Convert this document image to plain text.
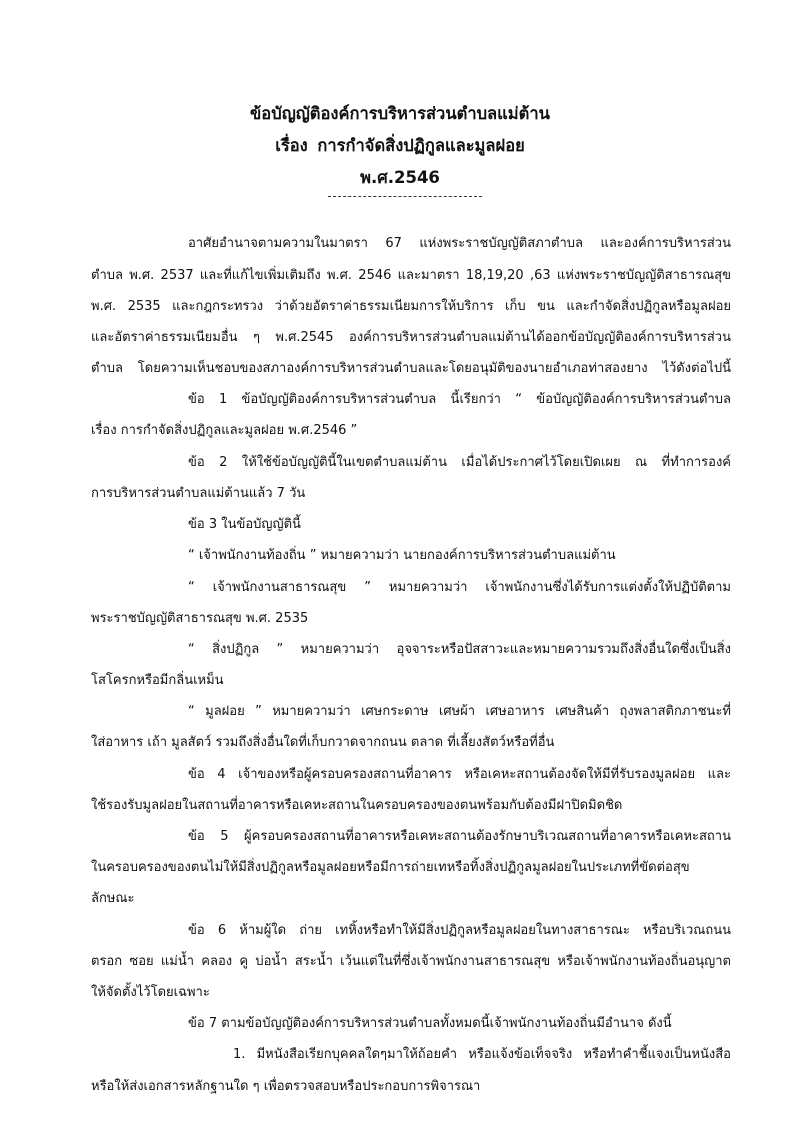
ข้อบัญญัติองค์การบริหารส่วนตำบลแม่ต้าน
เรื่อง การกำจัดสิ่งปฏิกูลและมูลฝอย
พ.ศ.2546
อาศัยอำนาจตามความในมาตรา 67 แห่งพระราชบัญญัติสภาตำบล และองค์การบริหารส่วน
ตำบล พ.ศ. 2537 และที่แก้ไขเพิ่มเติมถึง พ.ศ. 2546 และมาตรา 18,19,20 ,63 แห่งพระราชบัญญัติสาธารณสุข
พ.ศ. 2535 และกฎกระทรวง ว่าด้วยอัตราค่าธรรมเนียมการให้บริการ เก็บ ขน และกำจัดสิ่งปฏิกูลหรือมูลฝอย
และอัตราค่าธรรมเนียมอื่น ๆ พ.ศ.2545 องค์การบริหารส่วนตำบลแม่ต้านได้ออกข้อบัญญัติองค์การบริหารส่วน
ตำบล โดยความเห็นชอบของสภาองค์การบริหารส่วนตำบลและโดยอนุมัติของนายอำเภอท่าสองยาง ไว้ดังต่อไปนี้
ข้อ 1 ข้อบัญญัติองค์การบริหารส่วนตำบล นี้เรียกว่า “ ข้อบัญญัติองค์การบริหารส่วนตำบล
เรื่อง การกำจัดสิ่งปฏิกูลและมูลฝอย พ.ศ.2546 ”
ข้อ 2 ให้ใช้ข้อบัญญัตินี้ในเขตตำบลแม่ต้าน เมื่อได้ประกาศไว้โดยเปิดเผย ณ ที่ทำการองค์
การบริหารส่วนตำบลแม่ต้านแล้ว 7 วัน
ข้อ 3 ในข้อบัญญัตินี้
“ เจ้าพนักงานท้องถิ่น ” หมายความว่า นายกองค์การบริหารส่วนตำบลแม่ต้าน
“ เจ้าพนักงานสาธารณสุข ” หมายความว่า เจ้าพนักงานซึ่งได้รับการแต่งตั้งให้ปฏิบัติตาม
พระราชบัญญัติสาธารณสุข พ.ศ. 2535
“ สิ่งปฏิกูล ” หมายความว่า อุจจาระหรือปัสสาวะและหมายความรวมถึงสิ่งอื่นใดซึ่งเป็นสิ่ง
โสโครกหรือมีกลิ่นเหม็น
“ มูลฝอย ” หมายความว่า เศษกระดาษ เศษผ้า เศษอาหาร เศษสินค้า ถุงพลาสติกภาชนะที่
ใส่อาหาร เถ้า มูลสัตว์ รวมถึงสิ่งอื่นใดที่เก็บกวาดจากถนน ตลาด ที่เลี้ยงสัตว์หรือที่อื่น
ข้อ 4 เจ้าของหรือผู้ครอบครองสถานที่อาคาร หรือเคหะสถานต้องจัดให้มีที่รับรองมูลฝอย และ
ใช้รองรับมูลฝอยในสถานที่อาคารหรือเคหะสถานในครอบครองของตนพร้อมกับต้องมีฝาปิดมิดชิด
ข้อ 5 ผู้ครอบครองสถานที่อาคารหรือเคหะสถานต้องรักษาบริเวณสถานที่อาคารหรือเคหะสถาน
ในครอบครองของตนไม่ให้มีสิ่งปฏิกูลหรือมูลฝอยหรือมีการถ่ายเทหรือทิ้งสิ่งปฏิกูลมูลฝอยในประเภทที่ขัดต่อสุข
ลักษณะ
ข้อ 6 ห้ามผู้ใด ถ่าย เทหิ้งหรือทำให้มีสิ่งปฏิกูลหรือมูลฝอยในทางสาธารณะ หรือบริเวณถนน
ตรอก ซอย แม่น้ำ คลอง คู บ่อน้ำ สระน้ำ เว้นแต่ในที่ซึ่งเจ้าพนักงานสาธารณสุข หรือเจ้าพนักงานท้องถิ่นอนุญาต
ให้จัดตั้งไว้โดยเฉพาะ
ข้อ 7 ตามข้อบัญญัติองค์การบริหารส่วนตำบลทั้งหมดนี้เจ้าพนักงานท้องถิ่นมีอำนาจ ดังนี้
1. มีหนังสือเรียกบุคคลใดๆมาให้ถ้อยคำ หรือแจ้งข้อเท็จจริง หรือทำคำชี้แจงเป็นหนังสือ
หรือให้ส่งเอกสารหลักฐานใด ๆ เพื่อตรวจสอบหรือประกอบการพิจารณา
